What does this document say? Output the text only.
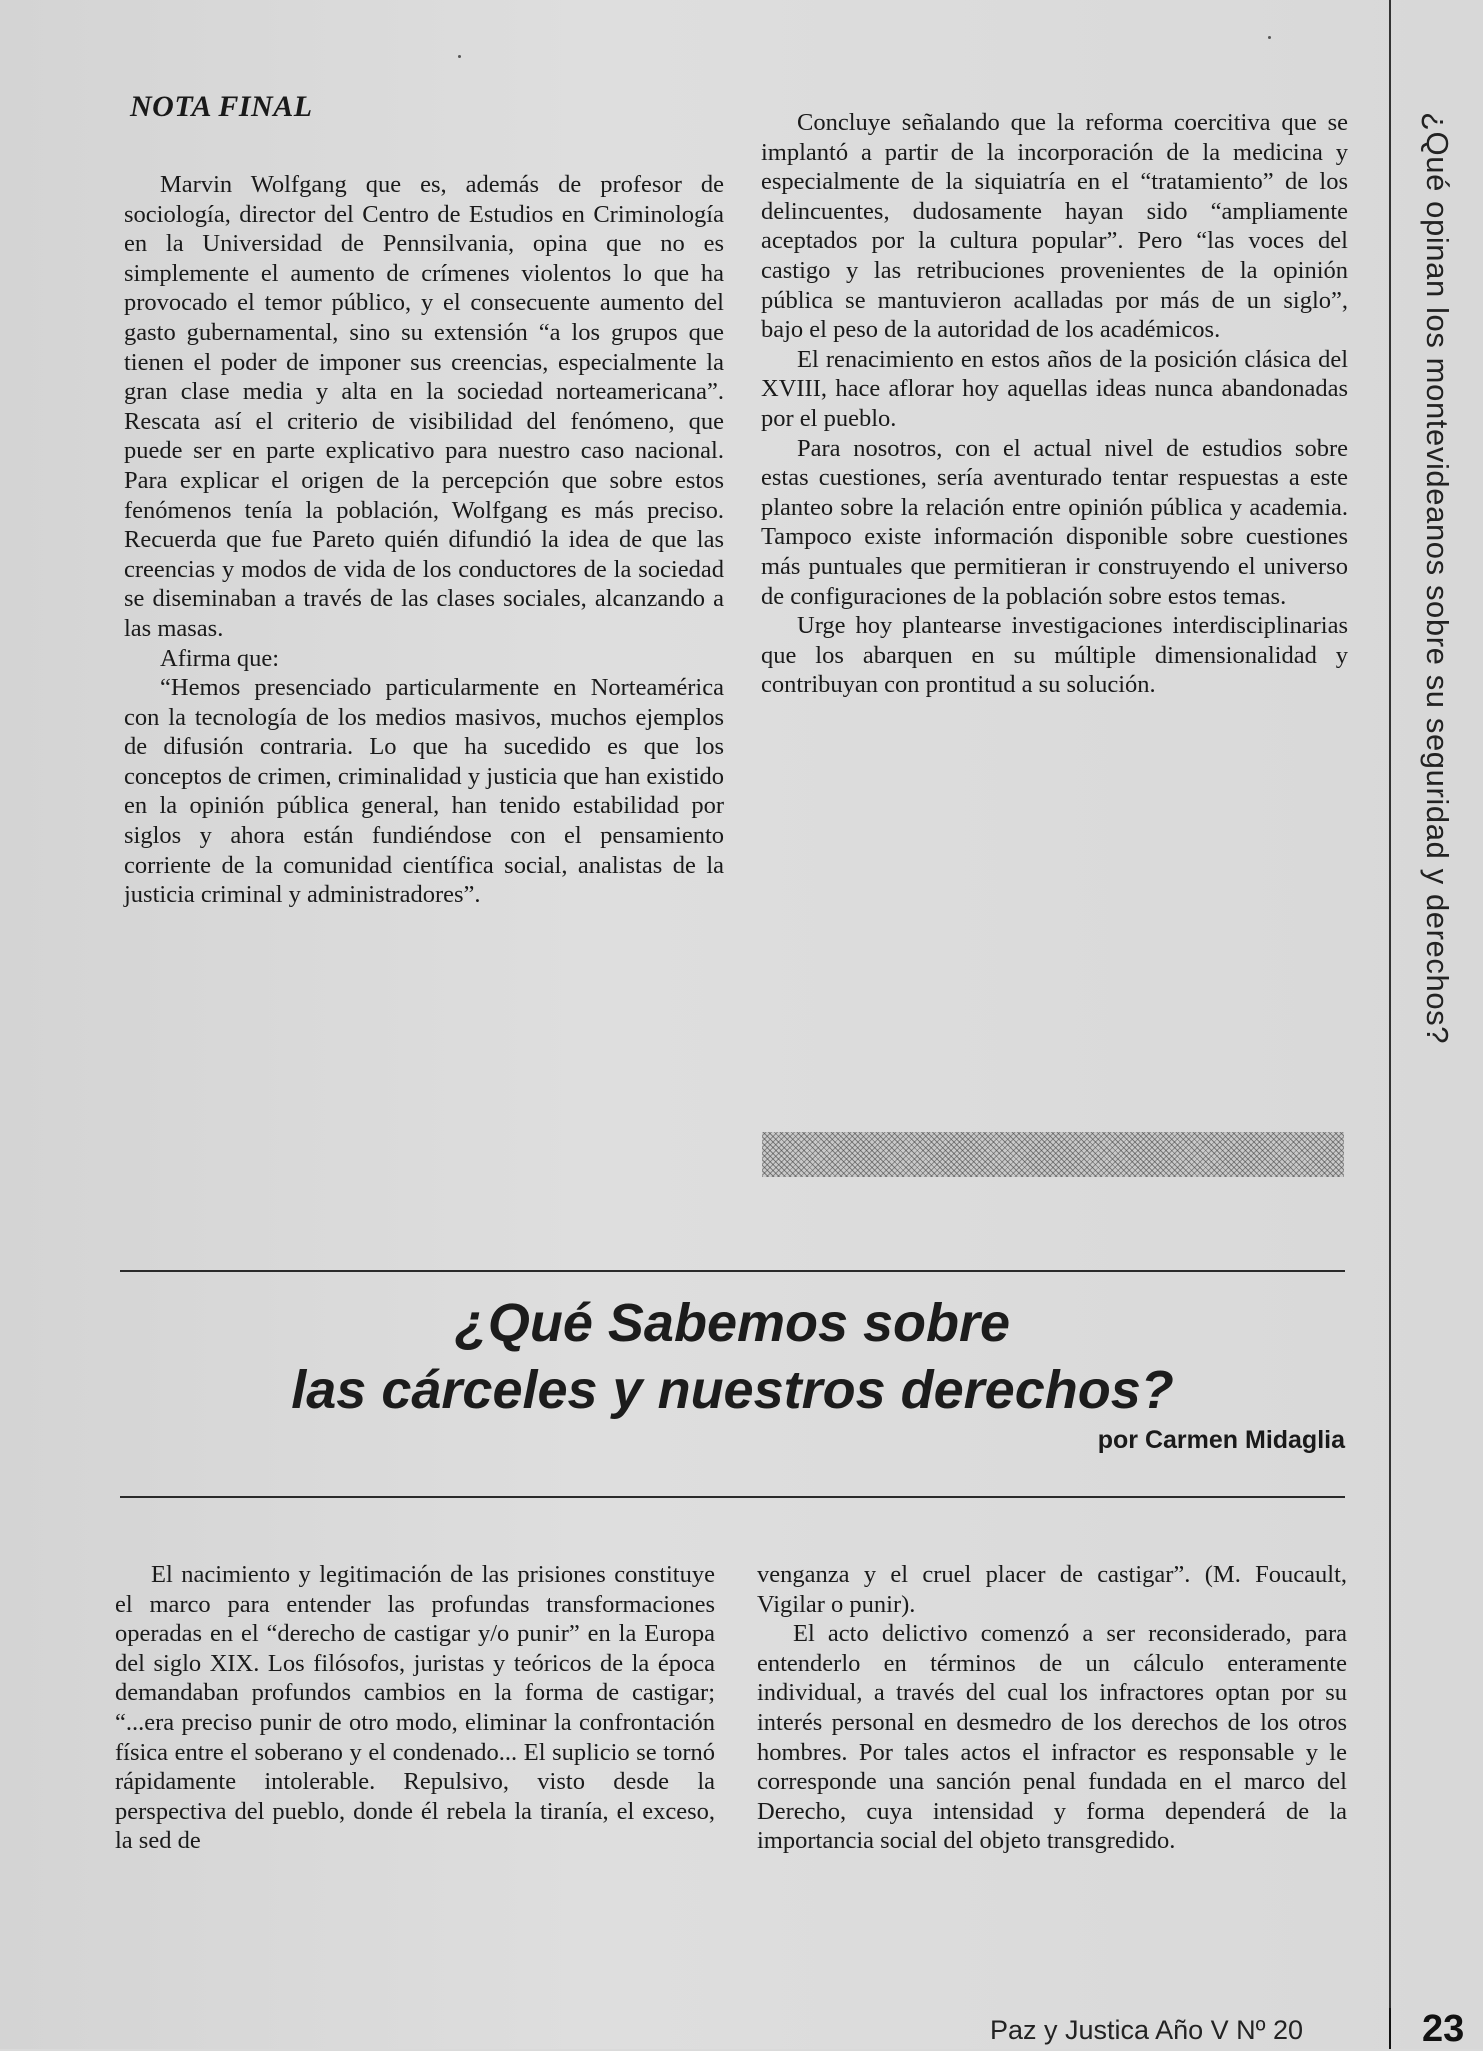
NOTA FINAL

Marvin Wolfgang que es, además de profesor de sociología, director del Centro de Estudios en Criminología en la Universidad de Pennsilvania, opina que no es simplemente el aumento de crímenes violentos lo que ha provocado el temor público, y el consecuente aumento del gasto gubernamental, sino su extensión “a los grupos que tienen el poder de imponer sus creencias, especialmente la gran clase media y alta en la sociedad norteamericana”. Rescata así el criterio de visibilidad del fenómeno, que puede ser en parte explicativo para nuestro caso nacional. Para explicar el origen de la percepción que sobre estos fenómenos tenía la población, Wolfgang es más preciso. Recuerda que fue Pareto quién difundió la idea de que las creencias y modos de vida de los conductores de la sociedad se diseminaban a través de las clases sociales, alcanzando a las masas.

Afirma que:

“Hemos presenciado particularmente en Norteamérica con la tecnología de los medios masivos, muchos ejemplos de difusión contraria. Lo que ha sucedido es que los conceptos de crimen, criminalidad y justicia que han existido en la opinión pública general, han tenido estabilidad por siglos y ahora están fundiéndose con el pensamiento corriente de la comunidad científica social, analistas de la justicia criminal y administradores”.

Concluye señalando que la reforma coercitiva que se implantó a partir de la incorporación de la medicina y especialmente de la siquiatría en el “tratamiento” de los delincuentes, dudosamente hayan sido “ampliamente aceptados por la cultura popular”. Pero “las voces del castigo y las retribuciones provenientes de la opinión pública se mantuvieron acalladas por más de un siglo”, bajo el peso de la autoridad de los académicos.

El renacimiento en estos años de la posición clásica del XVIII, hace aflorar hoy aquellas ideas nunca abandonadas por el pueblo.

Para nosotros, con el actual nivel de estudios sobre estas cuestiones, sería aventurado tentar respuestas a este planteo sobre la relación entre opinión pública y academia. Tampoco existe información disponible sobre cuestiones más puntuales que permitieran ir construyendo el universo de configuraciones de la población sobre estos temas.

Urge hoy plantearse investigaciones interdisciplinarias que los abarquen en su múltiple dimensionalidad y contribuyan con prontitud a su solución.

¿Qué Sabemos sobre
las cárceles y nuestros derechos?
por Carmen Midaglia

El nacimiento y legitimación de las prisiones constituye el marco para entender las profundas transformaciones operadas en el “derecho de castigar y/o punir” en la Europa del siglo XIX. Los filósofos, juristas y teóricos de la época demandaban profundos cambios en la forma de castigar; “...era preciso punir de otro modo, eliminar la confrontación física entre el soberano y el condenado... El suplicio se tornó rápidamente intolerable. Repulsivo, visto desde la perspectiva del pueblo, donde él rebela la tiranía, el exceso, la sed de

venganza y el cruel placer de castigar”. (M. Foucault, Vigilar o punir).

El acto delictivo comenzó a ser reconsiderado, para entenderlo en términos de un cálculo enteramente individual, a través del cual los infractores optan por su interés personal en desmedro de los derechos de los otros hombres. Por tales actos el infractor es responsable y le corresponde una sanción penal fundada en el marco del Derecho, cuya intensidad y forma dependerá de la importancia social del objeto transgredido.

Paz y Justica Año V Nº 20	23
¿Qué opinan los montevideanos sobre su seguridad y derechos?
